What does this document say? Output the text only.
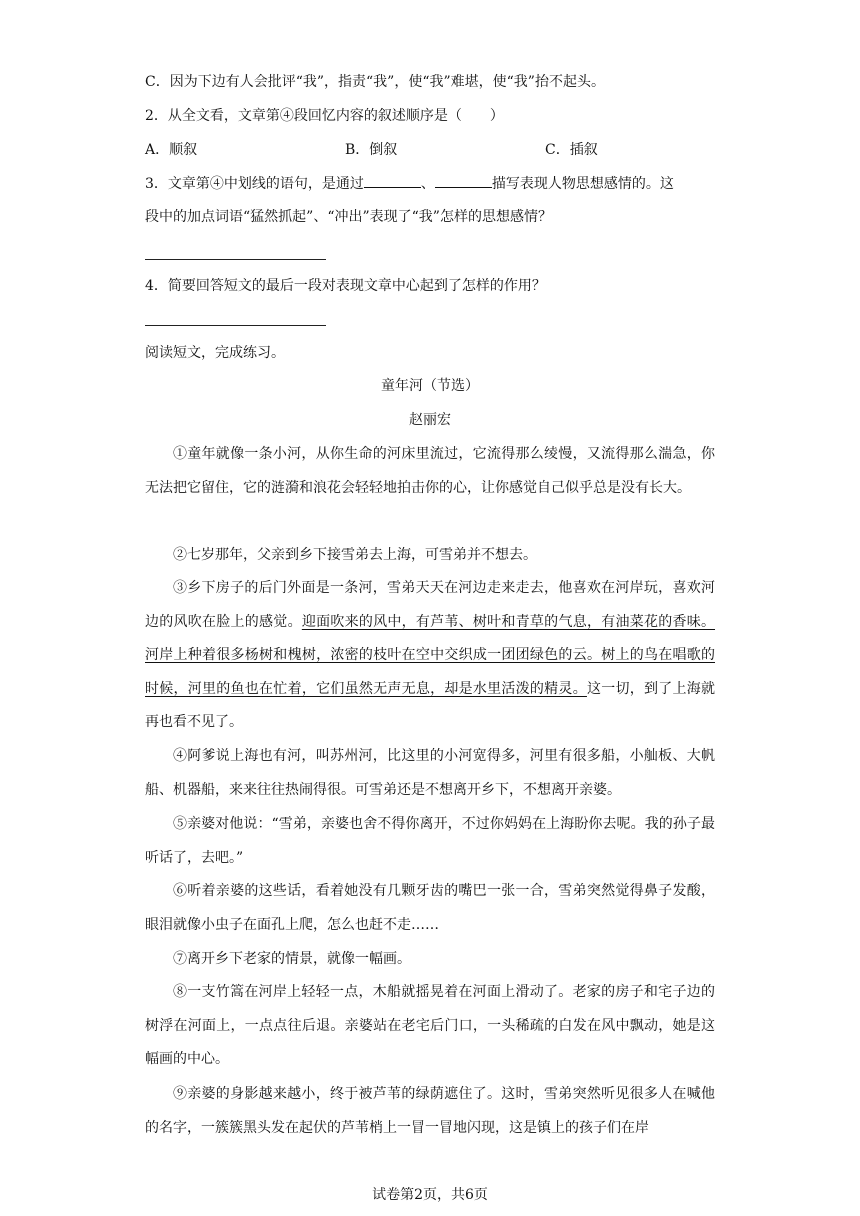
C．因为下边有人会批评“我”，指责“我”，使“我”难堪，使“我”抬不起头。
2．从全文看，文章第④段回忆内容的叙述顺序是（　　）
A．顺叙	B．倒叙	C．插叙
3．文章第④中划线的语句，是通过	、	描写表现人物思想感情的。这
段中的加点词语“猛然抓起”、“冲出”表现了“我”怎样的思想感情？
4．简要回答短文的最后一段对表现文章中心起到了怎样的作用？
阅读短文，完成练习。
童年河（节选）
赵丽宏
①童年就像一条小河，从你生命的河床里流过，它流得那么绫慢，又流得那么湍急，你无法把它留住，它的涟漪和浪花会轻轻地拍击你的心，让你感觉自己似乎总是没有长大。
②七岁那年，父亲到乡下接雪弟去上海，可雪弟并不想去。
③乡下房子的后门外面是一条河，雪弟天天在河边走来走去，他喜欢在河岸玩，喜欢河边的风吹在脸上的感觉。迎面吹来的风中，有芦苇、树叶和青草的气息，有油菜花的香味。河岸上种着很多杨树和槐树，浓密的枝叶在空中交织成一团团绿色的云。树上的鸟在唱歌的时候，河里的鱼也在忙着，它们虽然无声无息，却是水里活泼的精灵。这一切，到了上海就再也看不见了。
④阿爹说上海也有河，叫苏州河，比这里的小河宽得多，河里有很多船，小舢板、大帆船、机器船，来来往往热闹得很。可雪弟还是不想离开乡下，不想离开亲婆。
⑤亲婆对他说：“雪弟，亲婆也舍不得你离开，不过你妈妈在上海盼你去呢。我的孙子最听话了，去吧。”
⑥听着亲婆的这些话，看着她没有几颗牙齿的嘴巴一张一合，雪弟突然觉得鼻子发酸，眼泪就像小虫子在面孔上爬，怎么也赶不走……
⑦离开乡下老家的情景，就像一幅画。
⑧一支竹篙在河岸上轻轻一点，木船就摇晃着在河面上滑动了。老家的房子和宅子边的树浮在河面上，一点点往后退。亲婆站在老宅后门口，一头稀疏的白发在风中飘动，她是这幅画的中心。
⑨亲婆的身影越来越小，终于被芦苇的绿荫遮住了。这时，雪弟突然听见很多人在喊他的名字，一簇簇黑头发在起伏的芦苇梢上一冒一冒地闪现，这是镇上的孩子们在岸
试卷第2页，共6页
